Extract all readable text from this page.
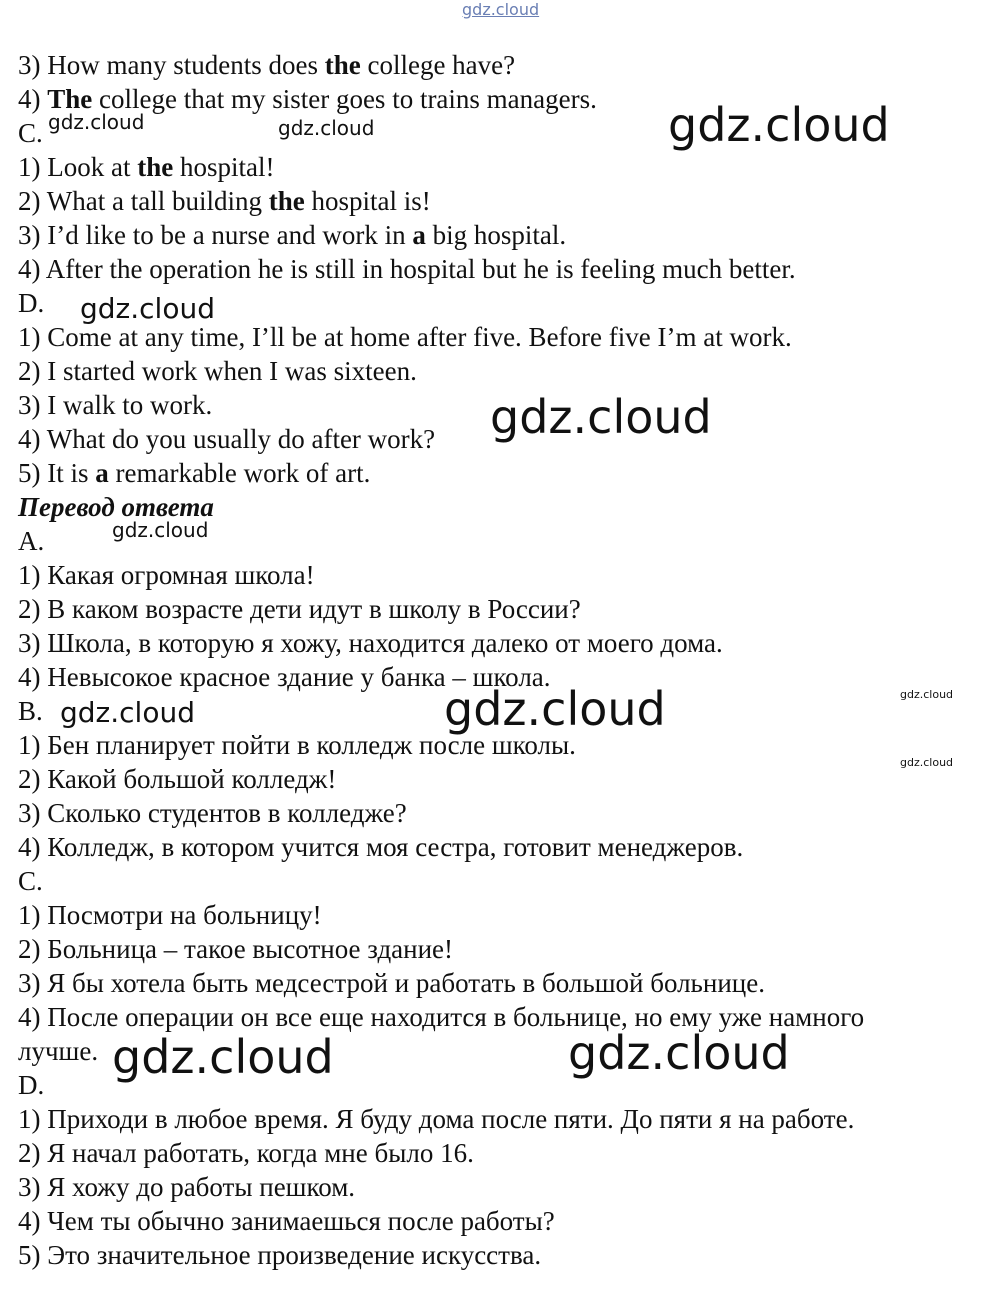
3) How many students does the college have?
4) The college that my sister goes to trains managers.
C.
1) Look at the hospital!
2) What a tall building the hospital is!
3) I’d like to be a nurse and work in a big hospital.
4) After the operation he is still in hospital but he is feeling much better.
D.
1) Come at any time, I’ll be at home after five. Before five I’m at work.
2) I started work when I was sixteen.
3) I walk to work.
4) What do you usually do after work?
5) It is a remarkable work of art.
Перевод ответа
A.
1) Какая огромная школа!
2) В каком возрасте дети идут в школу в России?
3) Школа, в которую я хожу, находится далеко от моего дома.
4) Невысокое красное здание у банка – школа.
B.
1) Бен планирует пойти в колледж после школы.
2) Какой большой колледж!
3) Сколько студентов в колледже?
4) Колледж, в котором учится моя сестра, готовит менеджеров.
C.
1) Посмотри на больницу!
2) Больница – такое высотное здание!
3) Я бы хотела быть медсестрой и работать в большой больнице.
4) После операции он все еще находится в больнице, но ему уже намного
лучше.
D.
1) Приходи в любое время. Я буду дома после пяти. До пяти я на работе.
2) Я начал работать, когда мне было 16.
3) Я хожу до работы пешком.
4) Чем ты обычно занимаешься после работы?
5) Это значительное произведение искусства.
gdz.cloud
gdz.cloud	gdz.cloud	gdz.cloud
gdz.cloud
gdz.cloud
gdz.cloud
gdz.cloud
gdz.cloud	gdz.cloud
gdz.cloud
gdz.cloud	gdz.cloud
